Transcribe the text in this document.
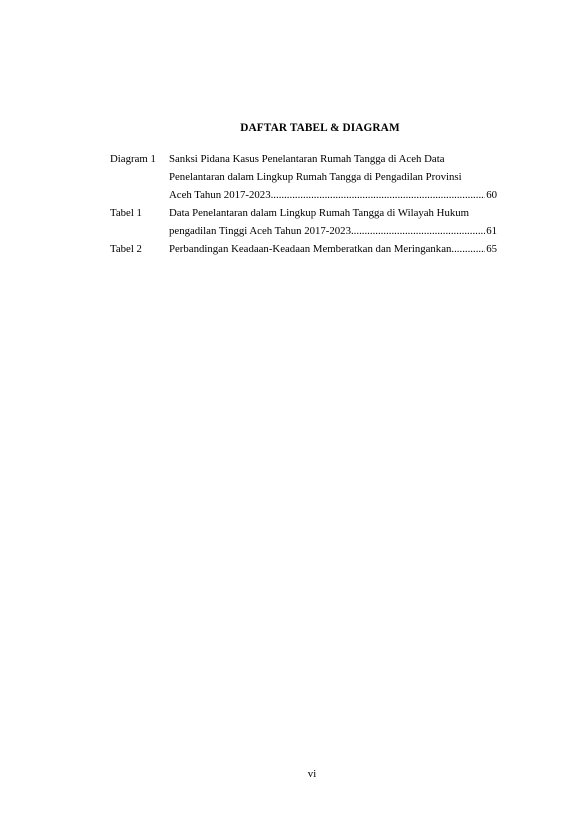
DAFTAR TABEL & DIAGRAM
Diagram 1	Sanksi Pidana Kasus Penelantaran Rumah Tangga di Aceh Data
Penelantaran dalam Lingkup Rumah Tangga di Pengadilan Provinsi
Aceh Tahun 2017-2023 .....	60
Tabel 1	Data Penelantaran dalam Lingkup Rumah Tangga di Wilayah Hukum
pengadilan Tinggi Aceh Tahun 2017-2023 .....	61
Tabel 2	Perbandingan Keadaan-Keadaan Memberatkan dan Meringankan .....	65
vi
